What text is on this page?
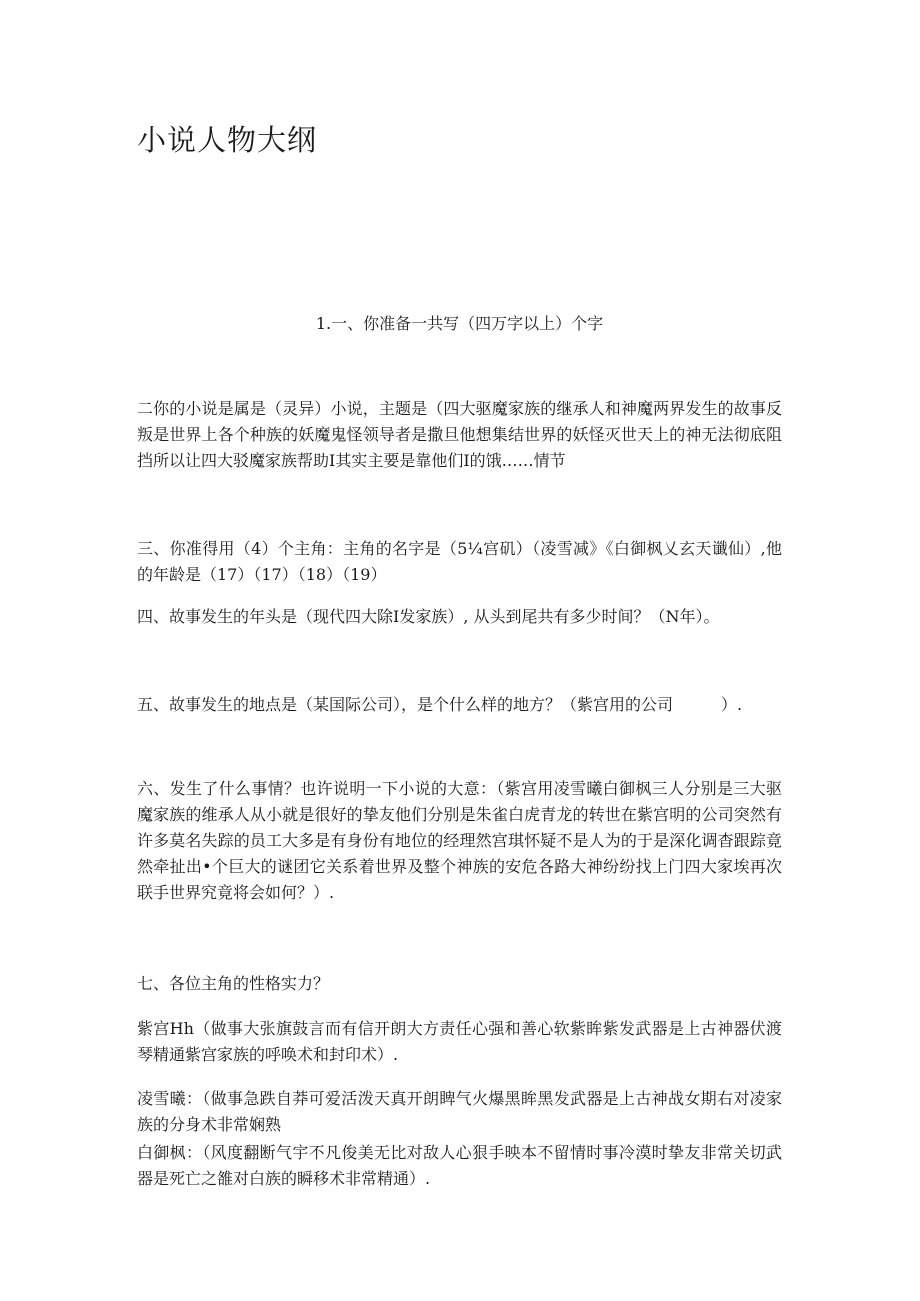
小说人物大纲
1.一、你准备一共写（四万字以上）个字
二你的小说是属是（灵异）小说，主题是（四大驱魔家族的继承人和神魔两界发生的故事反叛是世界上各个种族的妖魔鬼怪领导者是撒旦他想集结世界的妖怪灭世天上的神无法彻底阻挡所以让四大驳魔家族帮助I其实主要是靠他们I的饿……情节
三、你准得用（4）个主角：主角的名字是（5¼宫矶）（凌雪减》《白御枫乂玄天谶仙）,他的年龄是（17）（17）（18）（19）
四、故事发生的年头是（现代四大除I发家族）, 从头到尾共有多少时间？（N年）。
五、故事发生的地点是（某国际公司），是个什么样的地方？（紫宫用的公司　　　）.
六、发生了什么事情？也许说明一下小说的大意：（紫宫用凌雪曦白御枫三人分别是三大驱魔家族的维承人从小就是很好的挚友他们分别是朱雀白虎青龙的转世在紫宫明的公司突然有许多莫名失踪的员工大多是有身份有地位的经理然宫琪怀疑不是人为的于是深化调杳跟踪竟然牵扯出•个巨大的谜团它关系着世界及整个神族的安危各路大神纷纷找上门四大家埃再次联手世界究竟将会如何？）.
七、各位主角的性格实力？
紫宫Hh（做事大张旗鼓言而有信开朗大方责任心强和善心软紫眸紫发武器是上古神器伏渡琴精通紫宫家族的呼唤术和封印术）.
凌雪曦：（做事急跌自莽可爱活泼天真开朗睥气火爆黑眸黑发武器是上古神战女期右对凌家族的分身术非常娴熟
白御枫：（风度翻断气宇不凡俊美无比对敌人心狠手映本不留情时事冷漠时挚友非常关切武器是死亡之雒对白族的瞬移术非常精通）.
